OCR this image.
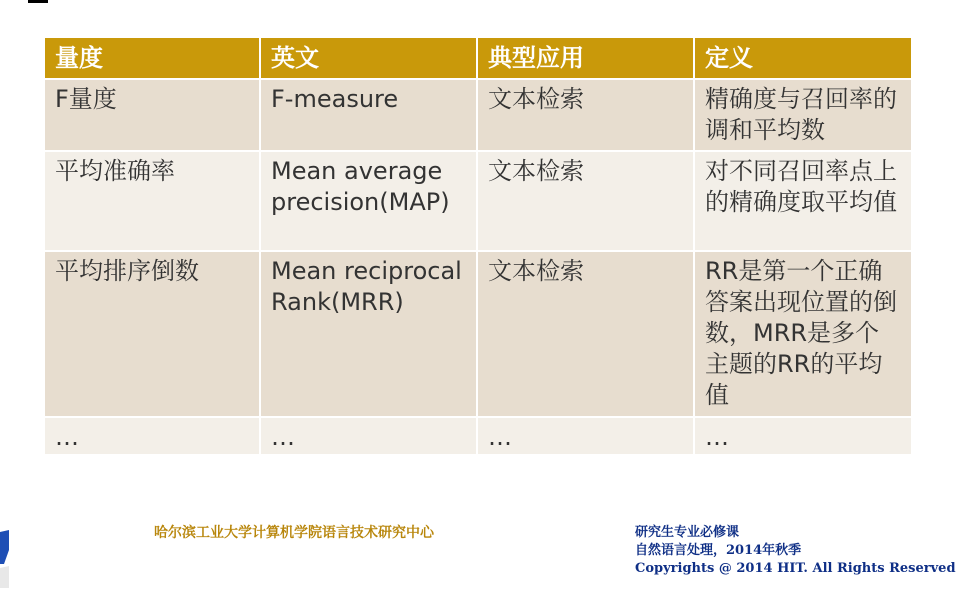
量度	英文	典型应用	定义
F量度	F-measure	文本检索	精确度与召回率的调和平均数
平均准确率	Mean average precision(MAP)	文本检索	对不同召回率点上的精确度取平均值
平均排序倒数	Mean reciprocal Rank(MRR)	文本检索	RR是第一个正确答案出现位置的倒数，MRR是多个主题的RR的平均值
…	…	…	…
哈尔滨工业大学计算机学院语言技术研究中心	研究生专业必修课
自然语言处理，2014年秋季
Copyrights @ 2014 HIT. All Rights Reserved
